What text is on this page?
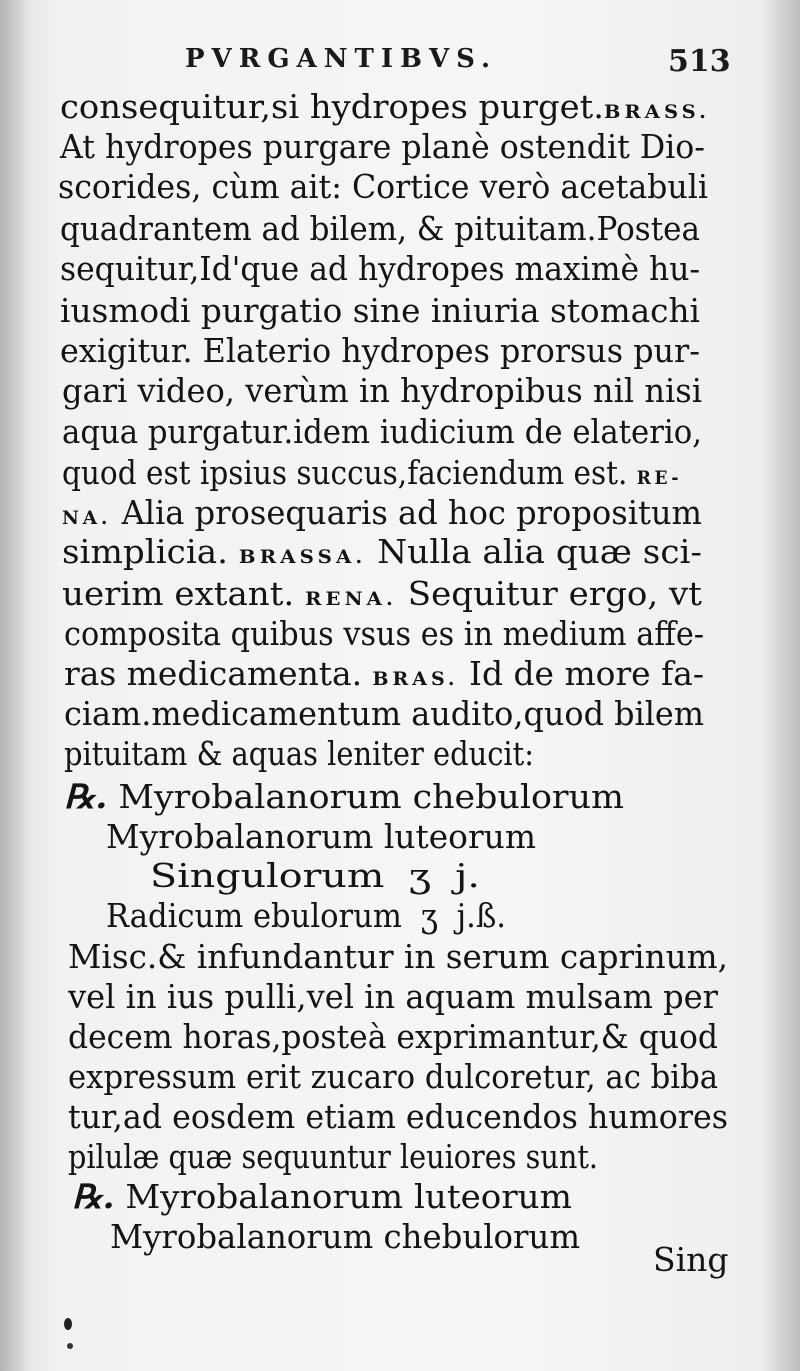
PVRGANTIBVS.	513
consequitur,si hydropes purget.BRASS.
At hydropes purgare planè ostendit Dio-
scorides, cùm ait: Cortice verò acetabuli
quadrantem ad bilem, & pituitam.Postea
sequitur,Id'que ad hydropes maximè hu-
iusmodi purgatio sine iniuria stomachi
exigitur. Elaterio hydropes prorsus pur-
gari video, verùm in hydropibus nil nisi
aqua purgatur.idem iudicium de elaterio,
quod est ipsius succus,faciendum est. RE-
NA. Alia prosequaris ad hoc propositum
simplicia. BRASSA. Nulla alia quæ sci-
uerim extant. RENA. Sequitur ergo, vt
composita quibus vsus es in medium affe-
ras medicamenta. BRAS. Id de more fa-
ciam.medicamentum audito,quod bilem
pituitam & aquas leniter educit:
℞. Myrobalanorum chebulorum
Myrobalanorum luteorum
Singulorum ʒ j.
Radicum ebulorum ʒ j.ß.
Misc.& infundantur in serum caprinum,
vel in ius pulli,vel in aquam mulsam per
decem horas,posteà exprimantur,& quod
expressum erit zucaro dulcoretur, ac biba
tur,ad eosdem etiam educendos humores
pilulæ quæ sequuntur leuiores sunt.
℞. Myrobalanorum luteorum
Myrobalanorum chebulorum
Sing
